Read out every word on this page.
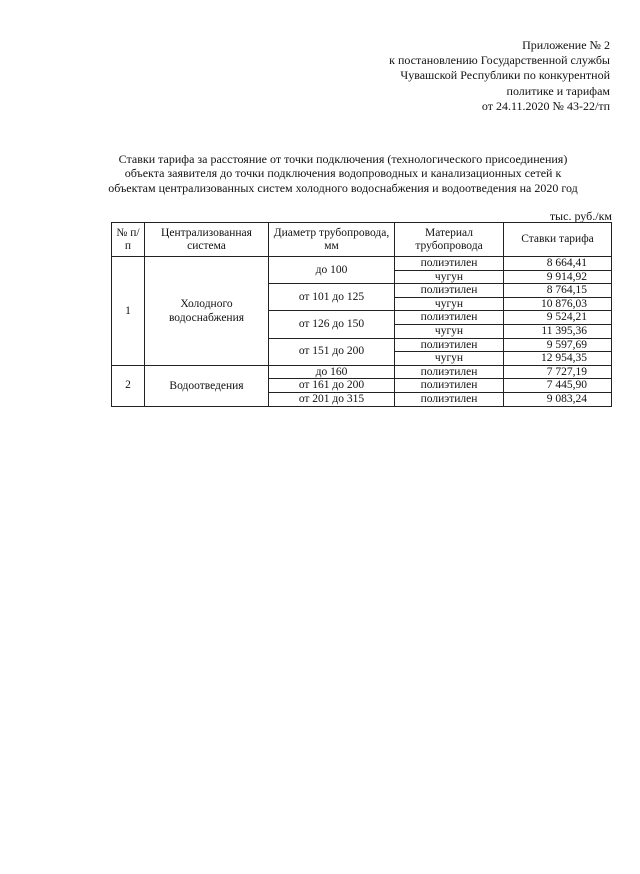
Приложение № 2
к постановлению Государственной службы
Чувашской Республики по конкурентной
политике и тарифам
от 24.11.2020 № 43-22/тп
Ставки тарифа за расстояние от точки подключения (технологического присоединения)
объекта заявителя до точки подключения водопроводных и канализационных сетей к
объектам централизованных систем холодного водоснабжения и водоотведения на 2020 год
тыс. руб./км
№ п/п	Централизованная система	Диаметр трубопровода, мм	Материал трубопровода	Ставки тарифа
1	Холодного водоснабжения	до 100	полиэтилен	8 664,41
			чугун	9 914,92
		от 101 до 125	полиэтилен	8 764,15
			чугун	10 876,03
		от 126 до 150	полиэтилен	9 524,21
			чугун	11 395,36
		от 151 до 200	полиэтилен	9 597,69
			чугун	12 954,35
2	Водоотведения	до 160	полиэтилен	7 727,19
		от 161 до 200	полиэтилен	7 445,90
		от 201 до 315	полиэтилен	9 083,24
